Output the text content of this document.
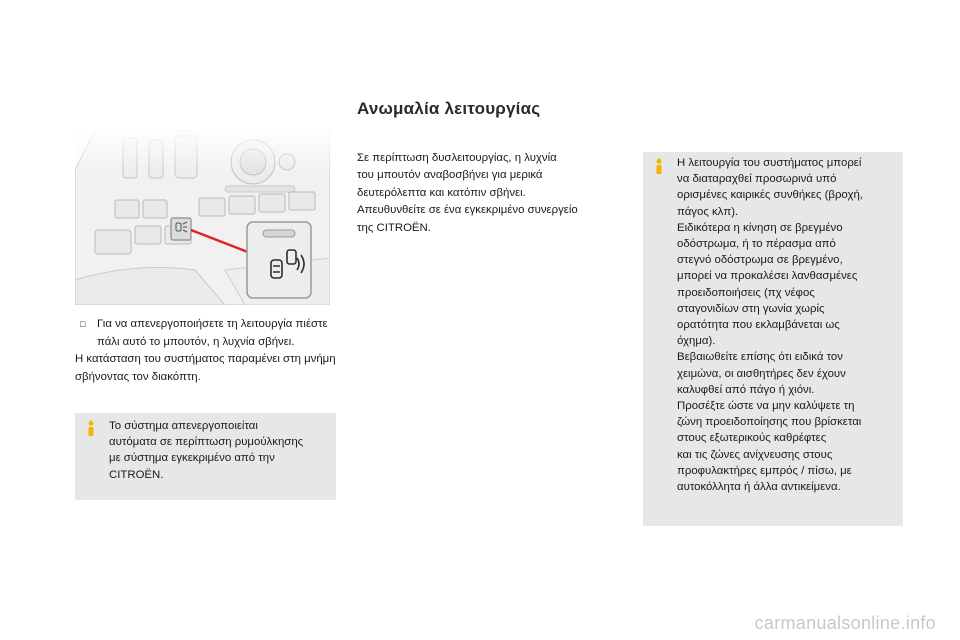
□	Για να απενεργοποιήσετε τη λειτουργία πιέστε πάλι αυτό το μπουτόν, η λυχνία σβήνει.

Η κατάσταση του συστήματος παραμένει στη μνήμη σβήνοντας τον διακόπτη.

Το σύστημα απενεργοποιείται
αυτόματα σε περίπτωση ρυμούλκησης
με σύστημα εγκεκριμένο από την
CITROËN.
Ανωμαλία λειτουργίας
Σε περίπτωση δυσλειτουργίας, η λυχνία
του μπουτόν αναβοσβήνει για μερικά
δευτερόλεπτα και κατόπιν σβήνει.
Απευθυνθείτε σε ένα εγκεκριμένο συνεργείο
της CITROËN.
Η λειτουργία του συστήματος μπορεί
να διαταραχθεί προσωρινά υπό
ορισμένες καιρικές συνθήκες (βροχή,
πάγος κλπ).
Ειδικότερα η κίνηση σε βρεγμένο
οδόστρωμα, ή το πέρασμα από
στεγνό οδόστρωμα σε βρεγμένο,
μπορεί να προκαλέσει λανθασμένες
προειδοποιήσεις (πχ νέφος
σταγονιδίων στη γωνία χωρίς
ορατότητα που εκλαμβάνεται ως
όχημα).
Βεβαιωθείτε επίσης ότι ειδικά τον
χειμώνα, οι αισθητήρες δεν έχουν
καλυφθεί από πάγο ή χιόνι.
Προσέξτε ώστε να μην καλύψετε τη
ζώνη προειδοποίησης που βρίσκεται
στους εξωτερικούς καθρέφτες
και τις ζώνες ανίχνευσης στους
προφυλακτήρες εμπρός / πίσω, με
αυτοκόλλητα ή άλλα αντικείμενα.
carmanualsonline.info
